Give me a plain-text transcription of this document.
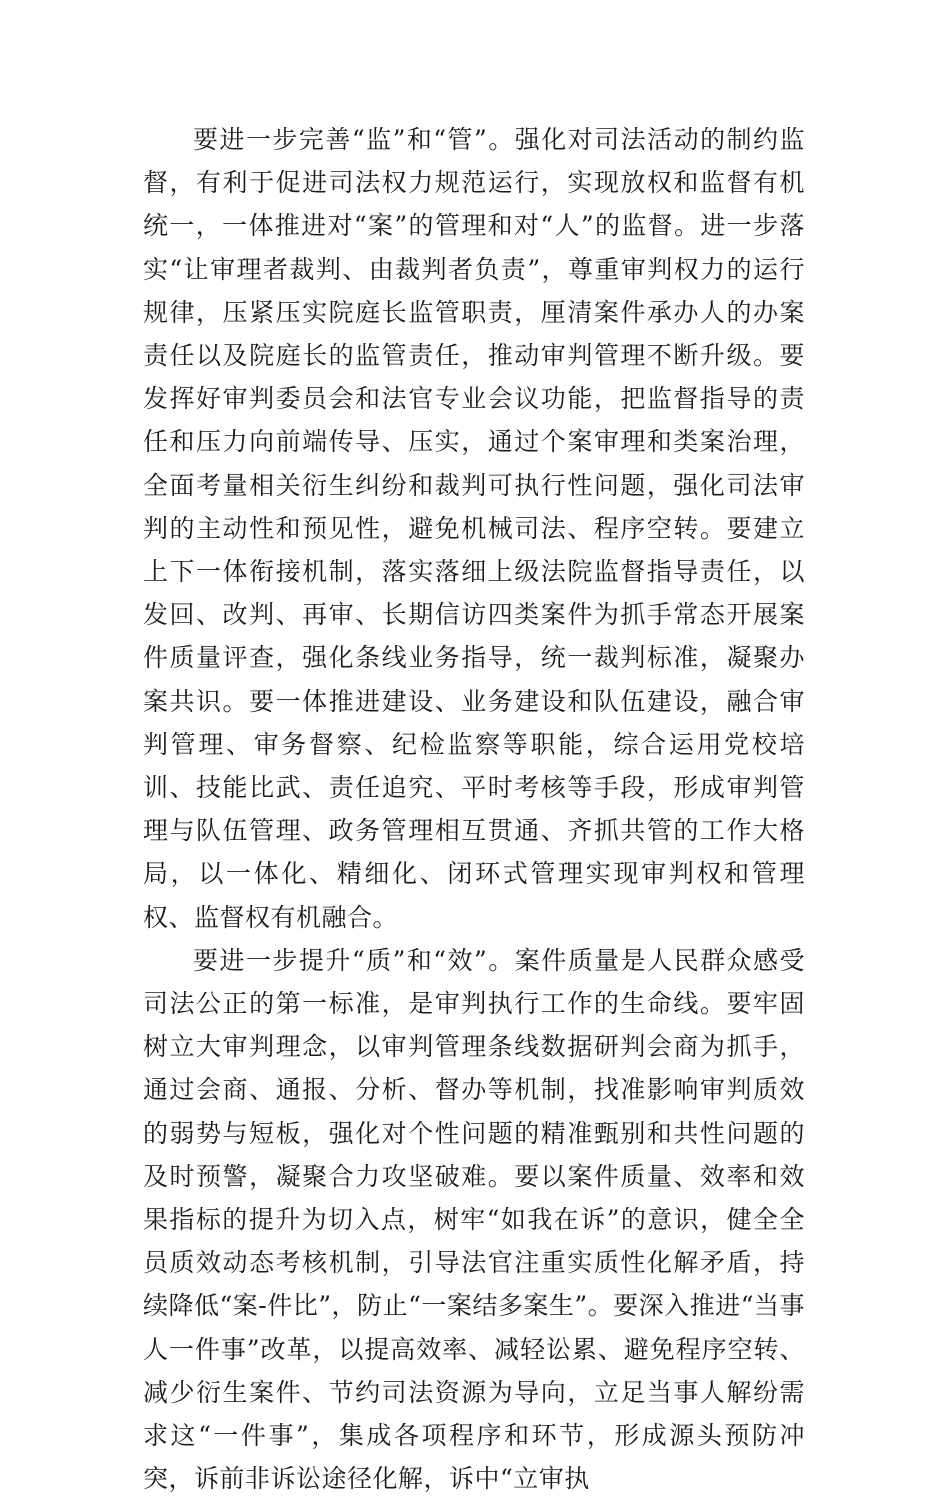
要进一步完善“监”和“管”。强化对司法活动的制约监督，有利于促进司法权力规范运行，实现放权和监督有机统一，一体推进对“案”的管理和对“人”的监督。进一步落实“让审理者裁判、由裁判者负责”，尊重审判权力的运行规律，压紧压实院庭长监管职责，厘清案件承办人的办案责任以及院庭长的监管责任，推动审判管理不断升级。要发挥好审判委员会和法官专业会议功能，把监督指导的责任和压力向前端传导、压实，通过个案审理和类案治理，全面考量相关衍生纠纷和裁判可执行性问题，强化司法审判的主动性和预见性，避免机械司法、程序空转。要建立上下一体衔接机制，落实落细上级法院监督指导责任，以发回、改判、再审、长期信访四类案件为抓手常态开展案件质量评查，强化条线业务指导，统一裁判标准，凝聚办案共识。要一体推进建设、业务建设和队伍建设，融合审判管理、审务督察、纪检监察等职能，综合运用党校培训、技能比武、责任追究、平时考核等手段，形成审判管理与队伍管理、政务管理相互贯通、齐抓共管的工作大格局，以一体化、精细化、闭环式管理实现审判权和管理权、监督权有机融合。

要进一步提升“质”和“效”。案件质量是人民群众感受司法公正的第一标准，是审判执行工作的生命线。要牢固树立大审判理念，以审判管理条线数据研判会商为抓手，通过会商、通报、分析、督办等机制，找准影响审判质效的弱势与短板，强化对个性问题的精准甄别和共性问题的及时预警，凝聚合力攻坚破难。要以案件质量、效率和效果指标的提升为切入点，树牢“如我在诉”的意识，健全全员质效动态考核机制，引导法官注重实质性化解矛盾，持续降低“案-件比”，防止“一案结多案生”。要深入推进“当事人一件事”改革，以提高效率、减轻讼累、避免程序空转、减少衍生案件、节约司法资源为导向，立足当事人解纷需求这“一件事”，集成各项程序和环节，形成源头预防冲突，诉前非诉讼途径化解，诉中“立审执
